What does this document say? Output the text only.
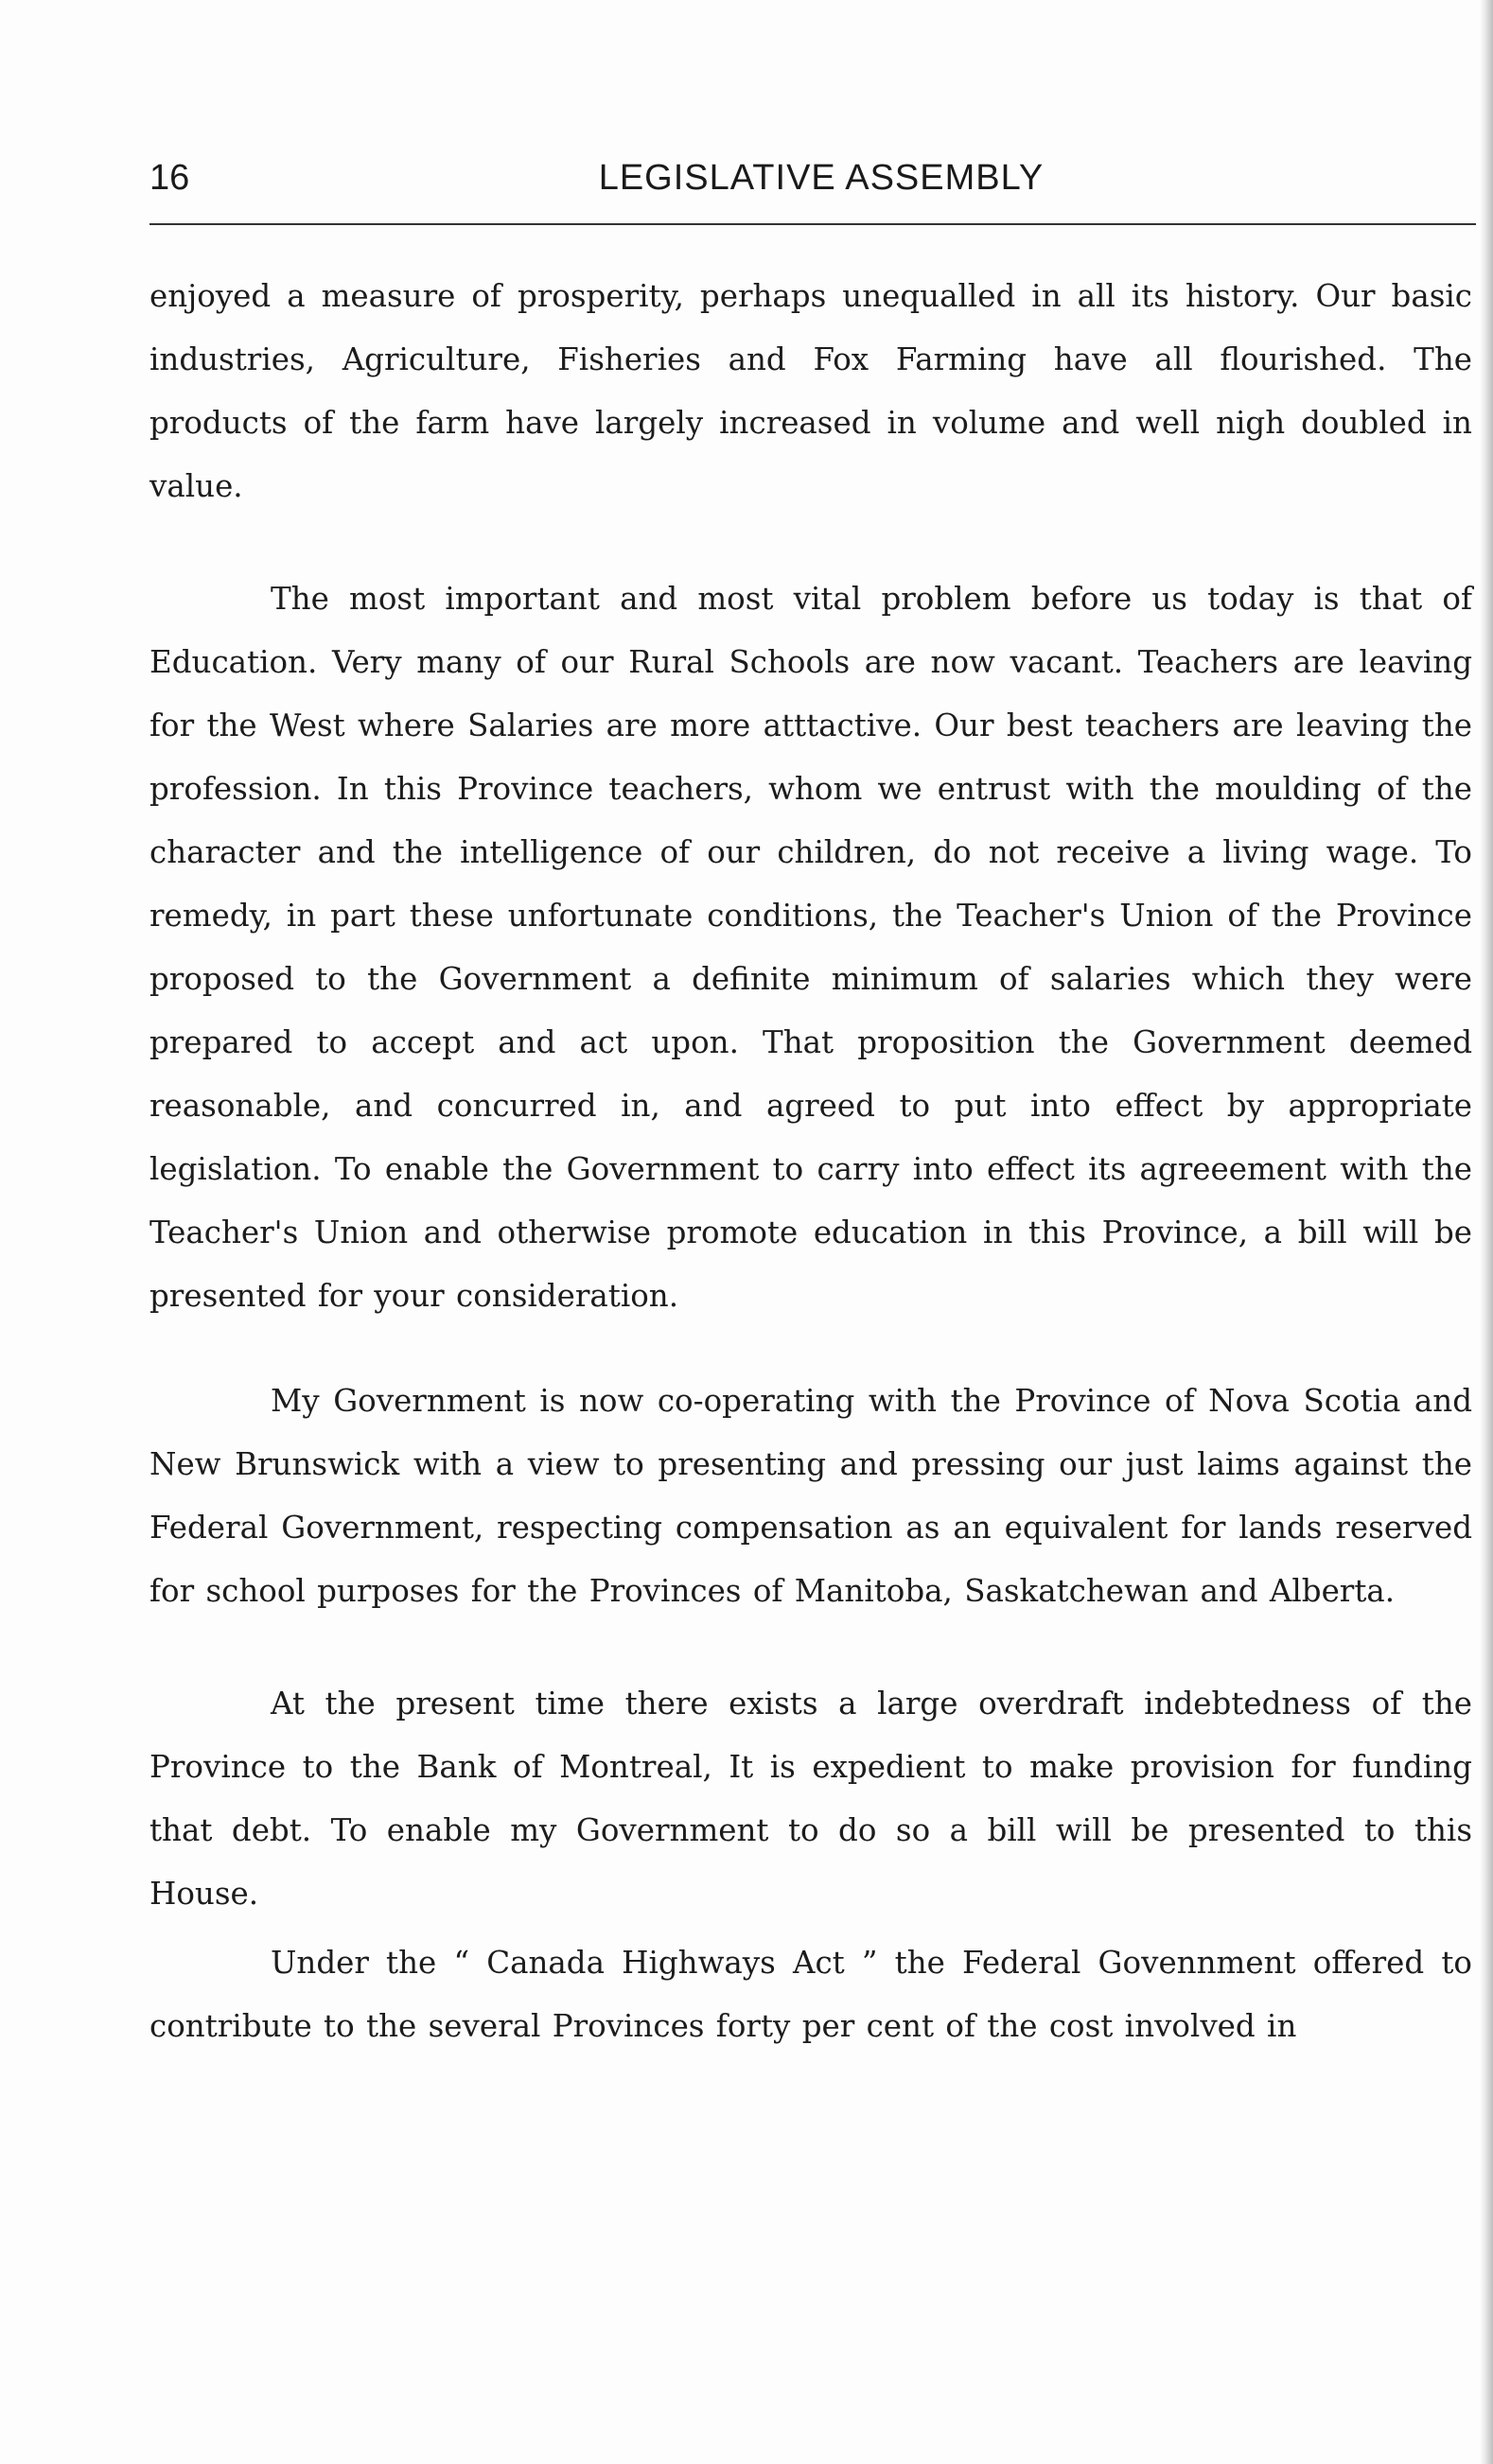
16	LEGISLATIVE ASSEMBLY

enjoyed a measure of prosperity, perhaps unequalled in all its history. Our basic industries, Agriculture, Fisheries and Fox Farming have all flourished. The products of the farm have largely increased in volume and well nigh doubled in value.

The most important and most vital problem before us today is that of Education. Very many of our Rural Schools are now vacant. Teachers are leaving for the West where Salaries are more atttactive. Our best teachers are leaving the profession. In this Province teachers, whom we entrust with the moulding of the character and the intelligence of our children, do not receive a living wage. To remedy, in part these unfortunate conditions, the Teacher's Union of the Province proposed to the Government a definite minimum of salaries which they were prepared to accept and act upon. That proposition the Government deemed reasonable, and concurred in, and agreed to put into effect by appropriate legislation. To enable the Government to carry into effect its agreeement with the Teacher's Union and otherwise promote education in this Province, a bill will be presented for your consideration.

My Government is now co-operating with the Province of Nova Scotia and New Brunswick with a view to presenting and pressing our just laims against the Federal Government, respecting compensation as an equivalent for lands reserved for school purposes for the Provinces of Manitoba, Saskatchewan and Alberta.

At the present time there exists a large overdraft indebtedness of the Province to the Bank of Montreal, It is expedient to make provision for funding that debt. To enable my Government to do so a bill will be presented to this House.

Under the “ Canada Highways Act ” the Federal Govennment offered to contribute to the several Provinces forty per cent of the cost involved in
